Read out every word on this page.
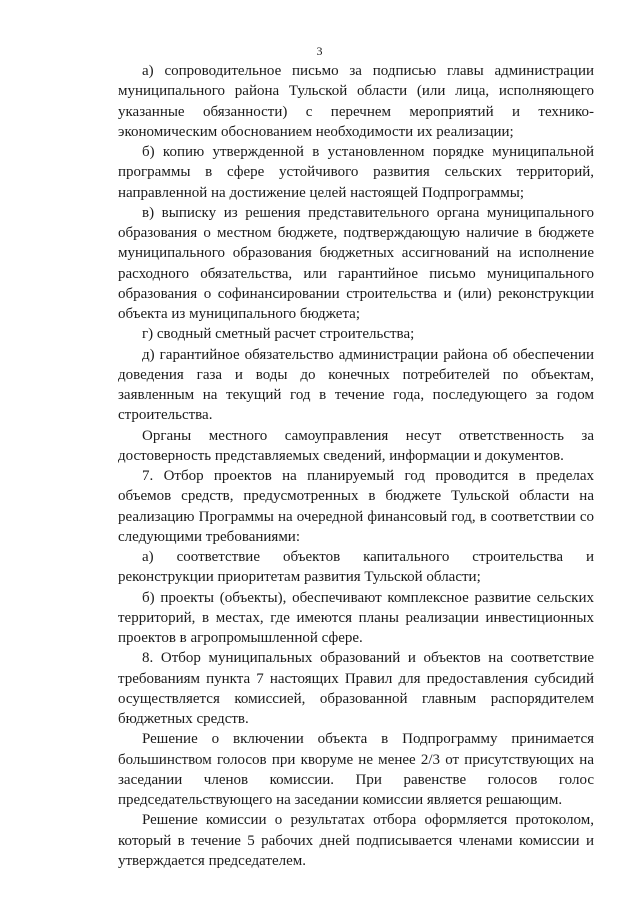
3

а) сопроводительное письмо за подписью главы администрации муниципального района Тульской области (или лица, исполняющего указанные обязанности) с перечнем мероприятий и технико-экономическим обоснованием необходимости их реализации;

б) копию утвержденной в установленном порядке муниципальной программы в сфере устойчивого развития сельских территорий, направленной на достижение целей настоящей Подпрограммы;

в) выписку из решения представительного органа муниципального образования о местном бюджете, подтверждающую наличие в бюджете муниципального образования бюджетных ассигнований на исполнение расходного обязательства, или гарантийное письмо муниципального образования о софинансировании строительства и (или) реконструкции объекта из муниципального бюджета;

г) сводный сметный расчет строительства;

д) гарантийное обязательство администрации района об обеспечении доведения газа и воды до конечных потребителей по объектам, заявленным на текущий год в течение года, последующего за годом строительства.

Органы местного самоуправления несут ответственность за достоверность представляемых сведений, информации и документов.

7. Отбор проектов на планируемый год проводится в пределах объемов средств, предусмотренных в бюджете Тульской области на реализацию Программы на очередной финансовый год, в соответствии со следующими требованиями:

а) соответствие объектов капитального строительства и реконструкции приоритетам развития Тульской области;

б) проекты (объекты), обеспечивают комплексное развитие сельских территорий, в местах, где имеются планы реализации инвестиционных проектов в агропромышленной сфере.

8. Отбор муниципальных образований и объектов на соответствие требованиям пункта 7 настоящих Правил для предоставления субсидий осуществляется комиссией, образованной главным распорядителем бюджетных средств.

Решение о включении объекта в Подпрограмму принимается большинством голосов при кворуме не менее 2/3 от присутствующих на заседании членов комиссии. При равенстве голосов голос председательствующего на заседании комиссии является решающим.

Решение комиссии о результатах отбора оформляется протоколом, который в течение 5 рабочих дней подписывается членами комиссии и утверждается председателем.
